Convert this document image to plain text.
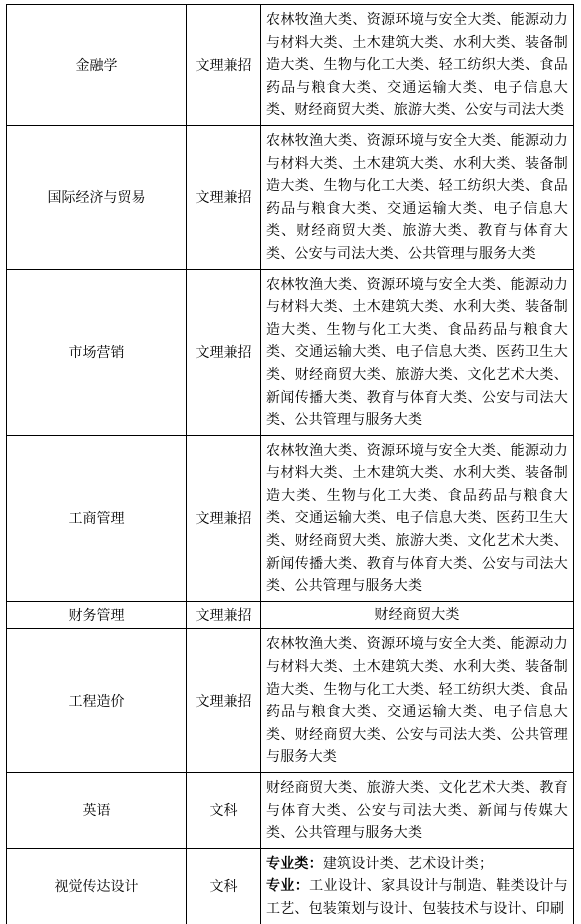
金融学	文理兼招	农林牧渔大类、资源环境与安全大类、能源动力与材料大类、土木建筑大类、水利大类、装备制造大类、生物与化工大类、轻工纺织大类、食品药品与粮食大类、交通运输大类、电子信息大类、财经商贸大类、旅游大类、公安与司法大类
国际经济与贸易	文理兼招	农林牧渔大类、资源环境与安全大类、能源动力与材料大类、土木建筑大类、水利大类、装备制造大类、生物与化工大类、轻工纺织大类、食品药品与粮食大类、交通运输大类、电子信息大类、财经商贸大类、旅游大类、教育与体育大类、公安与司法大类、公共管理与服务大类
市场营销	文理兼招	农林牧渔大类、资源环境与安全大类、能源动力与材料大类、土木建筑大类、水利大类、装备制造大类、生物与化工大类、食品药品与粮食大类、交通运输大类、电子信息大类、医药卫生大类、财经商贸大类、旅游大类、文化艺术大类、新闻传播大类、教育与体育大类、公安与司法大类、公共管理与服务大类
工商管理	文理兼招	农林牧渔大类、资源环境与安全大类、能源动力与材料大类、土木建筑大类、水利大类、装备制造大类、生物与化工大类、食品药品与粮食大类、交通运输大类、电子信息大类、医药卫生大类、财经商贸大类、旅游大类、文化艺术大类、新闻传播大类、教育与体育大类、公安与司法大类、公共管理与服务大类
财务管理	文理兼招	财经商贸大类
工程造价	文理兼招	农林牧渔大类、资源环境与安全大类、能源动力与材料大类、土木建筑大类、水利大类、装备制造大类、生物与化工大类、轻工纺织大类、食品药品与粮食大类、交通运输大类、电子信息大类、财经商贸大类、公安与司法大类、公共管理与服务大类
英语	文科	财经商贸大类、旅游大类、文化艺术大类、教育与体育大类、公安与司法大类、新闻与传媒大类、公共管理与服务大类
视觉传达设计	文科	专业类：建筑设计类、艺术设计类；
专业：工业设计、家具设计与制造、鞋类设计与工艺、包装策划与设计、包装技术与设计、印刷
